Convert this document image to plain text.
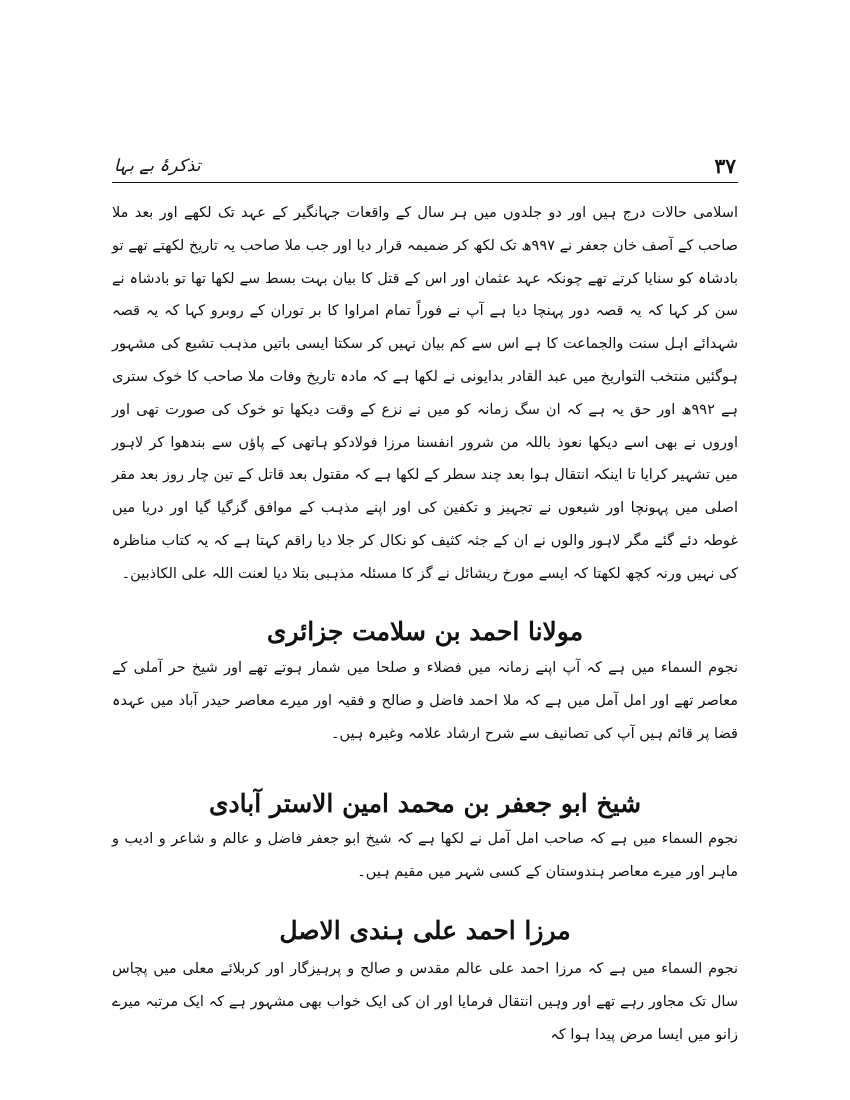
تذکرۂ بے بہا	۳۷

اسلامی حالات درج ہیں اور دو جلدوں میں ہر سال کے واقعات جہانگیر کے عہد تک لکھے اور بعد ملا صاحب کے آصف خان جعفر نے ۹۹۷ھ تک لکھ کر ضمیمہ قرار دیا اور جب ملا صاحب یہ تاریخ لکھتے تھے تو بادشاہ کو سنایا کرتے تھے چونکہ عہد عثمان اور اس کے قتل کا بیان بہت بسط سے لکھا تھا تو بادشاہ نے سن کر کہا کہ یہ قصہ دور پہنچا دیا ہے آپ نے فوراً تمام امراوا کا بر توران کے روبرو کہا کہ یہ قصہ شہدائے اہل سنت والجماعت کا ہے اس سے کم بیان نہیں کر سکتا ایسی باتیں مذہب تشیع کی مشہور ہوگئیں منتخب التواریخ میں عبد القادر بدایونی نے لکھا ہے کہ مادہ تاریخ وفات ملا صاحب کا خوک ستری ہے ۹۹۲ھ اور حق یہ ہے کہ ان سگ زمانہ کو میں نے نزع کے وقت دیکھا تو خوک کی صورت تھی اور اوروں نے بھی اسے دیکھا نعوذ باللہ من شرور انفسنا مرزا فولادکو ہاتھی کے پاؤں سے بندھوا کر لاہور میں تشہیر کرایا تا اینکہ انتقال ہوا بعد چند سطر کے لکھا ہے کہ مقتول بعد قاتل کے تین چار روز بعد مقر اصلی میں پہونچا اور شیعوں نے تجہیز و تکفین کی اور اپنے مذہب کے موافق گزگیا گیا اور دریا میں غوطہ دئے گئے مگر لاہور والوں نے ان کے جثہ کثیف کو نکال کر جلا دیا راقم کہتا ہے کہ یہ کتاب مناظرہ کی نہیں ورنہ کچھ لکھتا کہ ایسے مورخ ریشائل نے گز کا مسئلہ مذہبی بتلا دیا لعنت اللہ علی الکاذبین۔

مولانا احمد بن سلامت جزائری

نجوم السماء میں ہے کہ آپ اپنے زمانہ میں فضلاء و صلحا میں شمار ہوتے تھے اور شیخ حر آملی کے معاصر تھے اور امل آمل میں ہے کہ ملا احمد فاضل و صالح و فقیہ اور میرے معاصر حیدر آباد میں عہدہ قضا پر قائم ہیں آپ کی تصانیف سے شرح ارشاد علامہ وغیرہ ہیں۔

شیخ ابو جعفر بن محمد امین الاستر آبادی

نجوم السماء میں ہے کہ صاحب امل آمل نے لکھا ہے کہ شیخ ابو جعفر فاضل و عالم و شاعر و ادیب و ماہر اور میرے معاصر ہندوستان کے کسی شہر میں مقیم ہیں۔

مرزا احمد علی ہندی الاصل

نجوم السماء میں ہے کہ مرزا احمد علی عالم مقدس و صالح و پرہیزگار اور کربلائے معلی میں پچاس سال تک مجاور رہے تھے اور وہیں انتقال فرمایا اور ان کی ایک خواب بھی مشہور ہے کہ ایک مرتبہ میرے زانو میں ایسا مرض پیدا ہوا کہ
